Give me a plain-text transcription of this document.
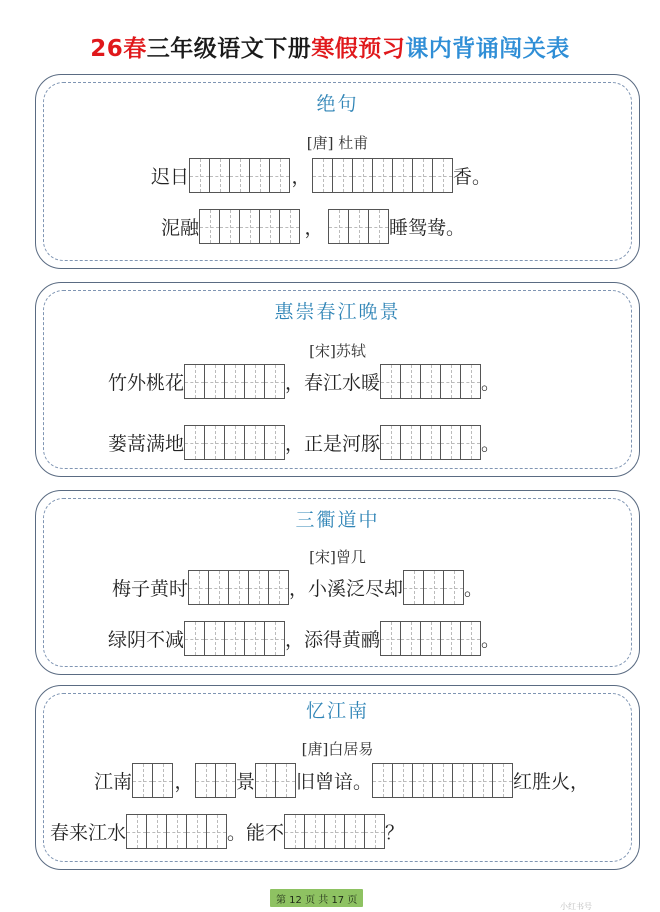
26春三年级语文下册寒假预习课内背诵闯关表
绝句
[唐] 杜甫
迟日	，	香。
泥融	，	睡鸳鸯。
惠崇春江晚景
[宋]苏轼
竹外桃花	，春江水暖	。
蒌蒿满地	，正是河豚	。
三衢道中
[宋]曾几
梅子黄时	，小溪泛尽却	。
绿阴不减	，添得黄鹂	。
忆江南
[唐]白居易
江南 ， 景 旧曾谙。	红胜火，
春来江水	。能不	？
第 12 页 共 17 页
小红书号
